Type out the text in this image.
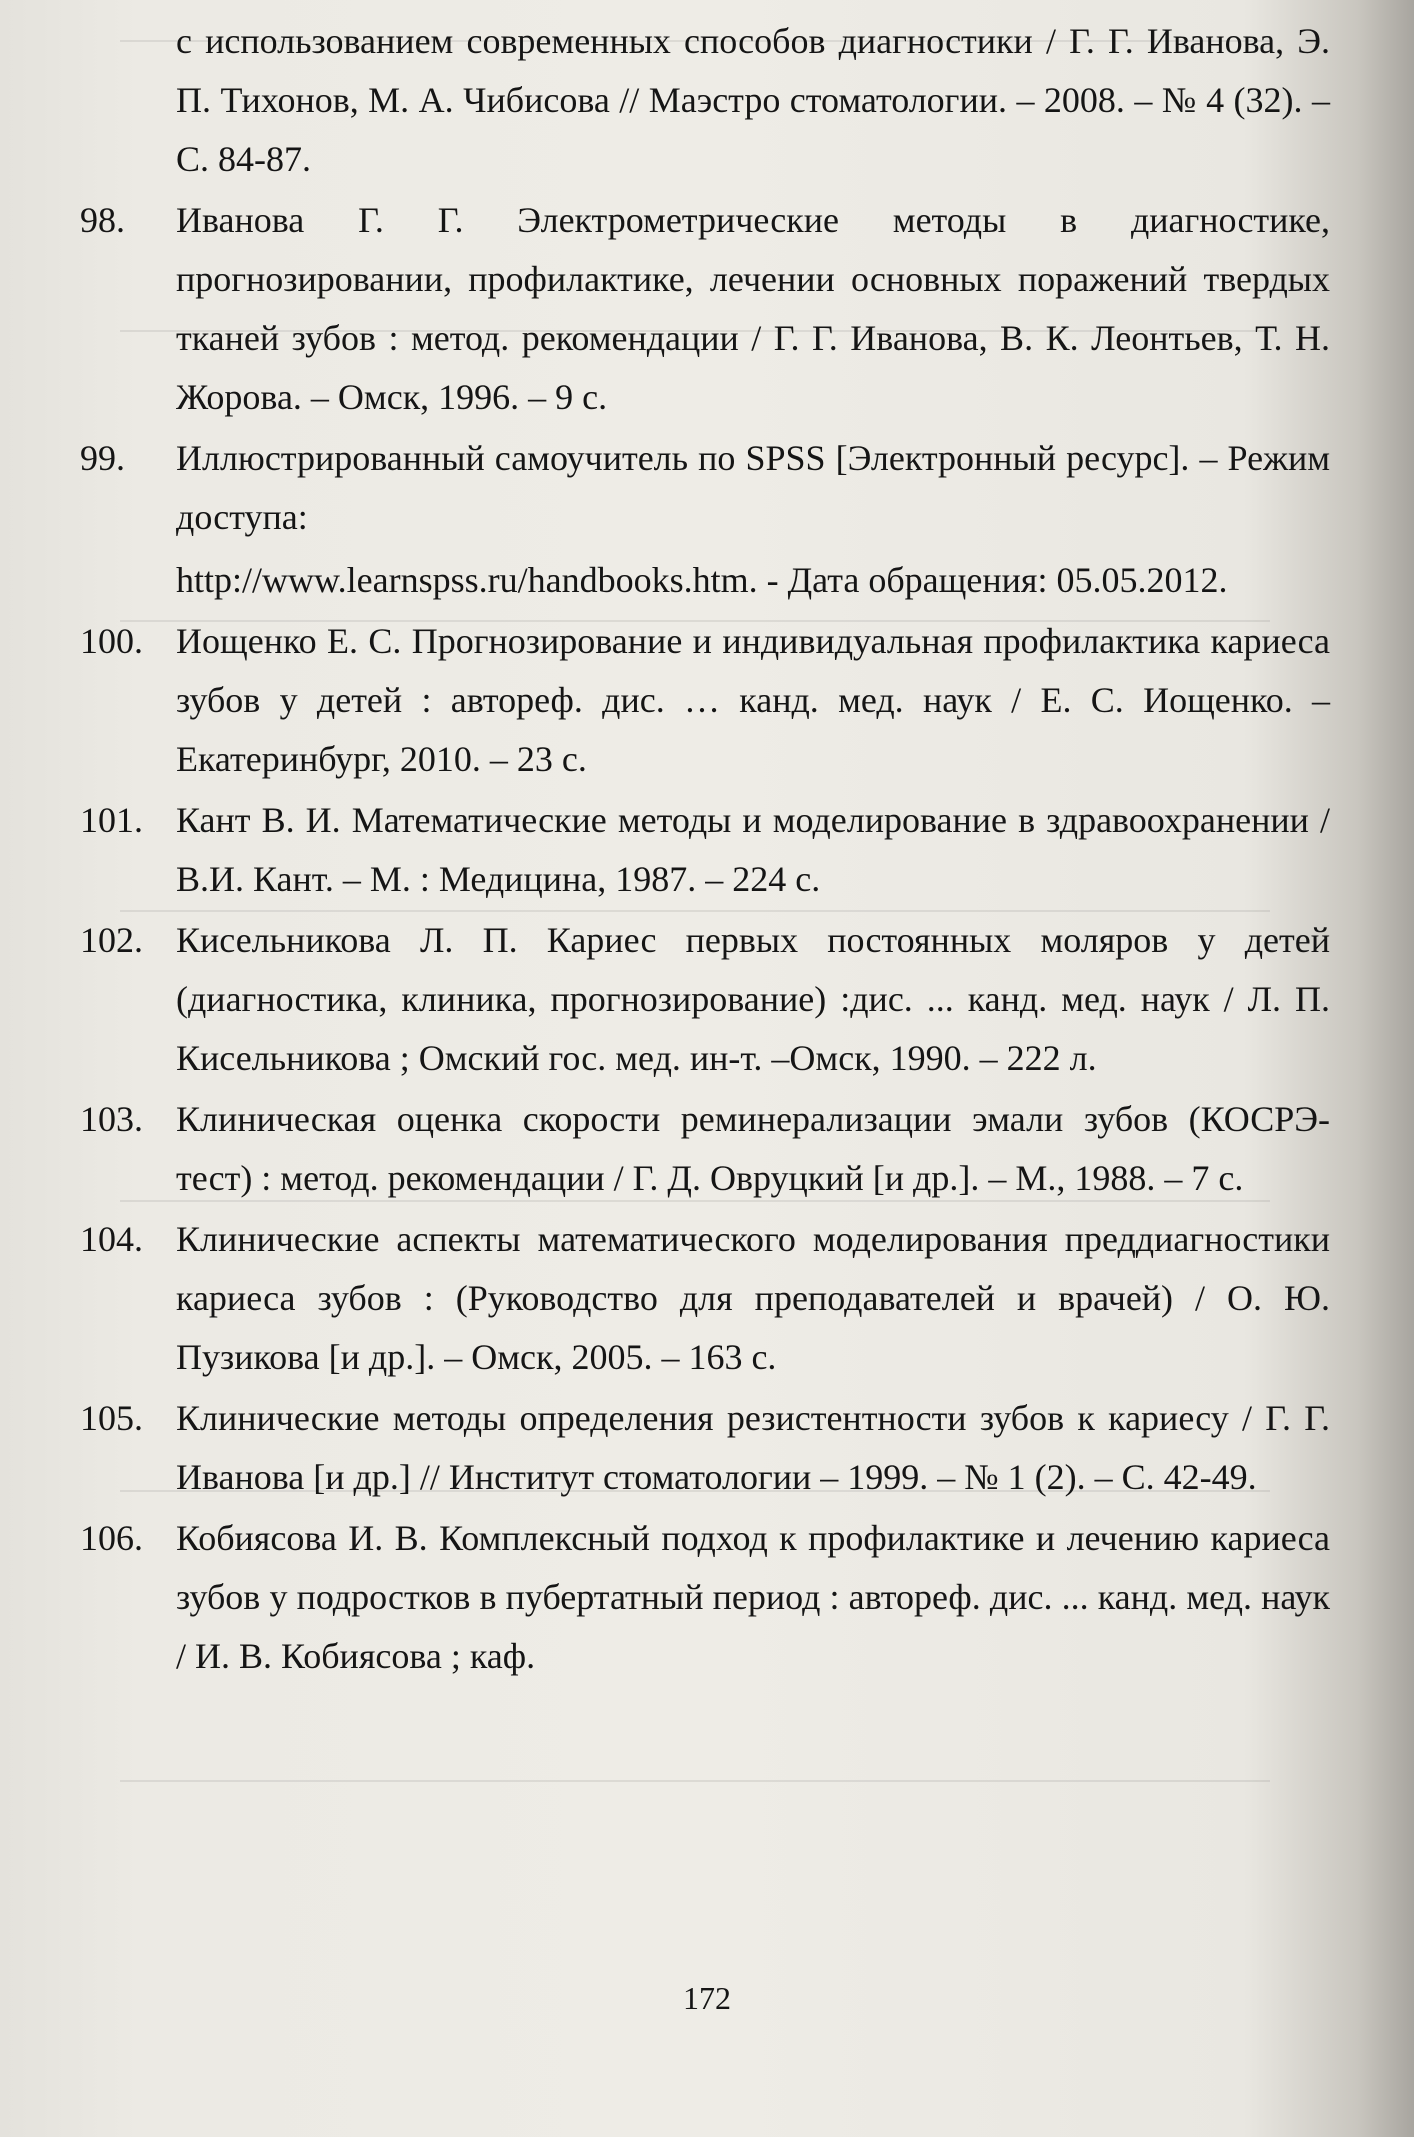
с использованием современных способов диагностики / Г. Г. Иванова, Э. П. Тихонов, М. А. Чибисова // Маэстро стоматологии. – 2008. – № 4 (32). – С. 84-87.
98.	Иванова Г. Г. Электрометрические методы в диагностике, прогнозировании, профилактике, лечении основных поражений твердых тканей зубов : метод. рекомендации / Г. Г. Иванова, В. К. Леонтьев, Т. Н. Жорова. – Омск, 1996. – 9 с.
99.	Иллюстрированный самоучитель по SPSS [Электронный ресурс]. – Режим доступа:
http://www.learnspss.ru/handbooks.htm. - Дата обращения: 05.05.2012.
100. Иощенко Е. С. Прогнозирование и индивидуальная профилактика кариеса зубов у детей : автореф. дис. … канд. мед. наук / Е. С. Иощенко. – Екатеринбург, 2010. – 23 с.
101. Кант В. И. Математические методы и моделирование в здравоохранении / В.И. Кант. – М. : Медицина, 1987. – 224 с.
102. Кисельникова Л. П. Кариес первых постоянных моляров у детей (диагностика, клиника, прогнозирование) :дис. ... канд. мед. наук / Л. П. Кисельникова ; Омский гос. мед. ин-т. –Омск, 1990. – 222 л.
103. Клиническая оценка скорости реминерализации эмали зубов (КОСРЭ-тест) : метод. рекомендации / Г. Д. Овруцкий [и др.]. – М., 1988. – 7 с.
104. Клинические аспекты математического моделирования преддиагностики кариеса зубов : (Руководство для преподавателей и врачей) / О. Ю. Пузикова [и др.]. – Омск, 2005. – 163 с.
105. Клинические методы определения резистентности зубов к кариесу / Г. Г. Иванова [и др.] // Институт стоматологии – 1999. – № 1 (2). – С. 42-49.
106. Кобиясова И. В. Комплексный подход к профилактике и лечению кариеса зубов у подростков в пубертатный период : автореф. дис. ... канд. мед. наук / И. В. Кобиясова ; каф.
172
